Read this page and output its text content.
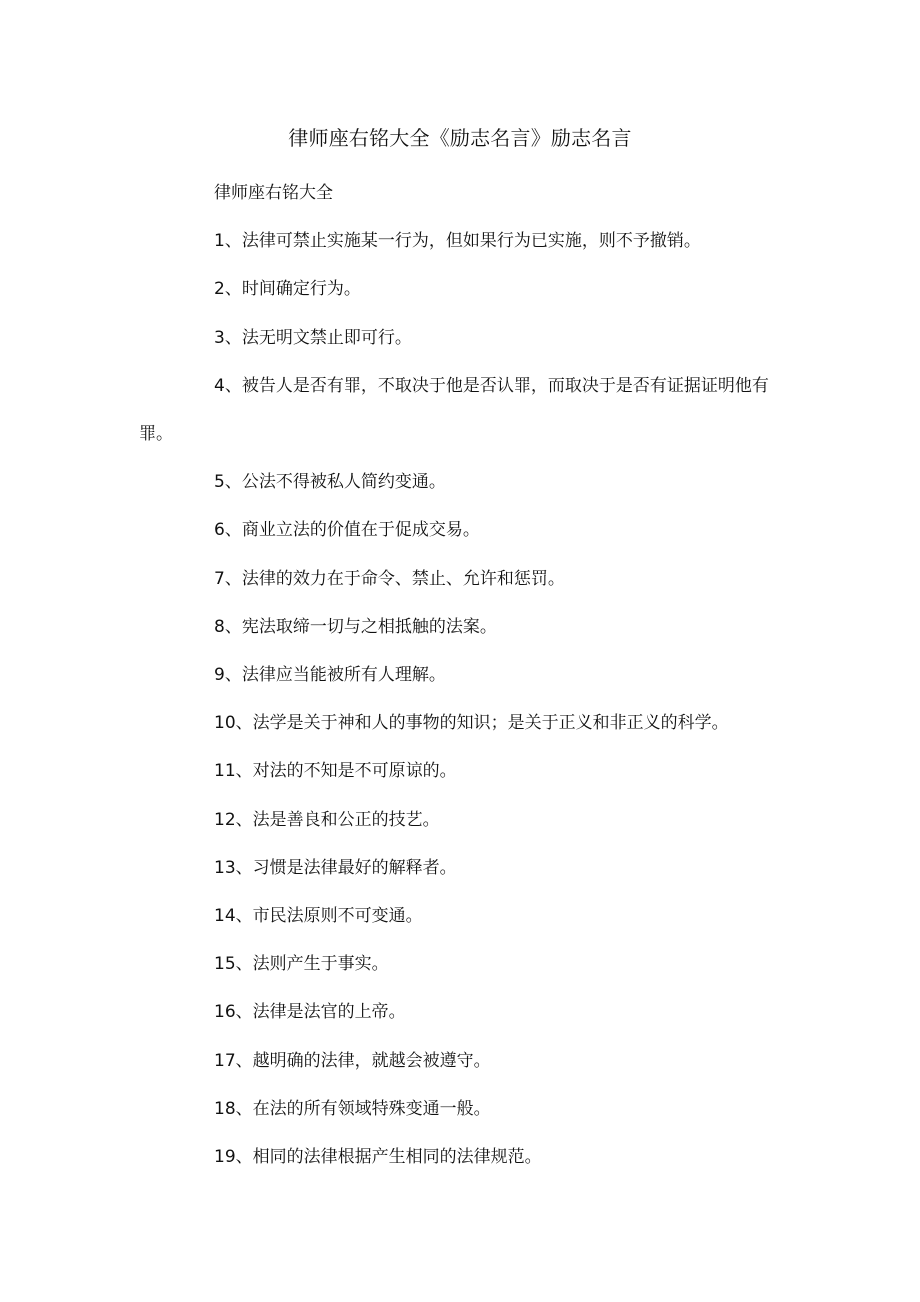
律师座右铭大全《励志名言》励志名言

律师座右铭大全

1、法律可禁止实施某一行为，但如果行为已实施，则不予撤销。

2、时间确定行为。

3、法无明文禁止即可行。

4、被告人是否有罪，不取决于他是否认罪，而取决于是否有证据证明他有罪。

5、公法不得被私人简约变通。

6、商业立法的价值在于促成交易。

7、法律的效力在于命令、禁止、允许和惩罚。

8、宪法取缔一切与之相抵触的法案。

9、法律应当能被所有人理解。

10、法学是关于神和人的事物的知识；是关于正义和非正义的科学。

11、对法的不知是不可原谅的。

12、法是善良和公正的技艺。

13、习惯是法律最好的解释者。

14、市民法原则不可变通。

15、法则产生于事实。

16、法律是法官的上帝。

17、越明确的法律，就越会被遵守。

18、在法的所有领域特殊变通一般。

19、相同的法律根据产生相同的法律规范。
